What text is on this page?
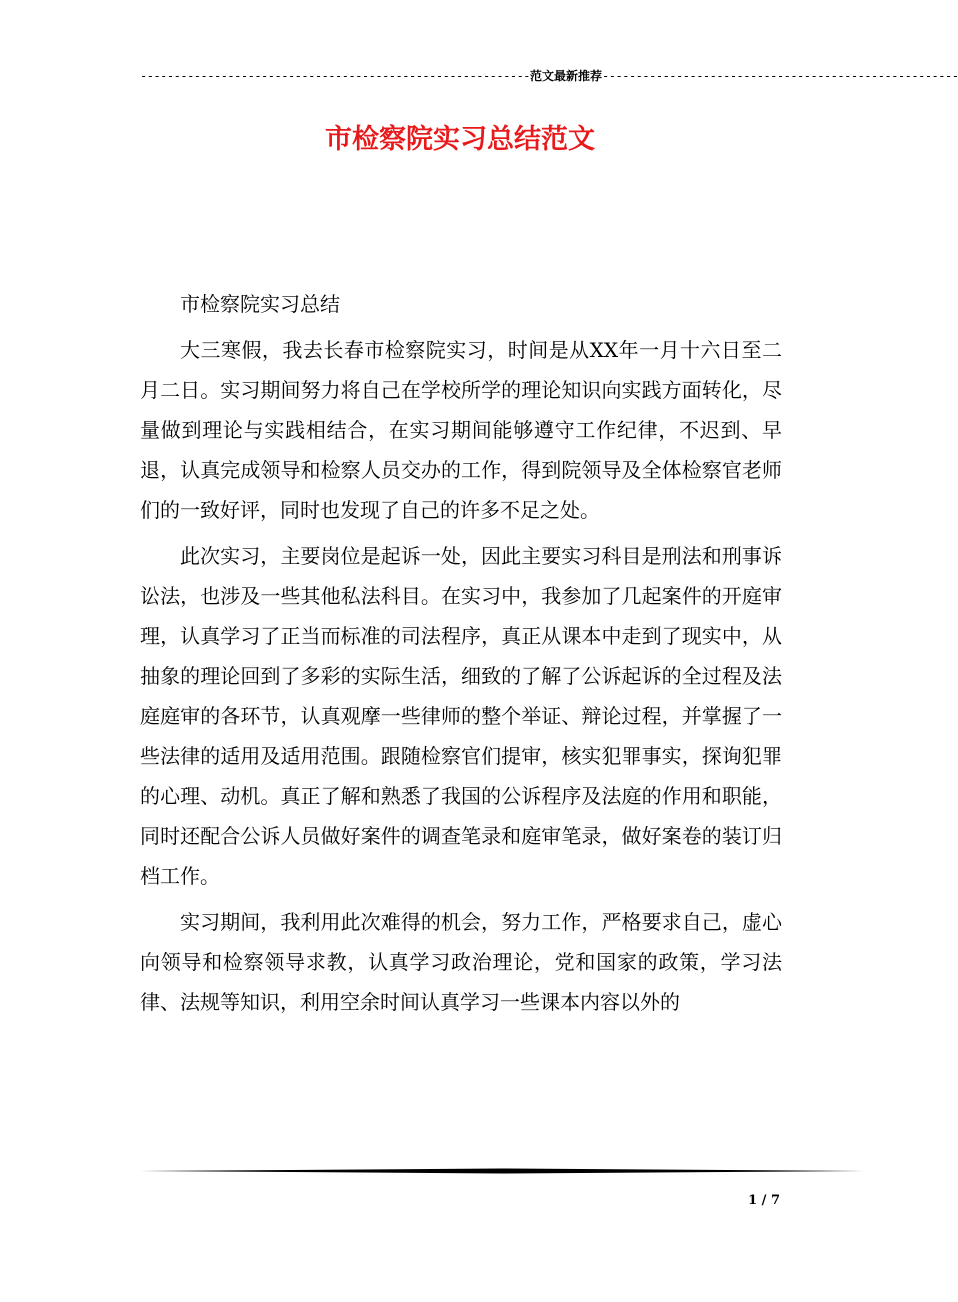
----------------------------------------------------------范文最新推荐-----------------------------------------------------
市检察院实习总结范文

市检察院实习总结

大三寒假，我去长春市检察院实习，时间是从XX年一月十六日至二月二日。实习期间努力将自己在学校所学的理论知识向实践方面转化，尽量做到理论与实践相结合，在实习期间能够遵守工作纪律，不迟到、早退，认真完成领导和检察人员交办的工作，得到院领导及全体检察官老师们的一致好评，同时也发现了自己的许多不足之处。

此次实习，主要岗位是起诉一处，因此主要实习科目是刑法和刑事诉讼法，也涉及一些其他私法科目。在实习中，我参加了几起案件的开庭审理，认真学习了正当而标准的司法程序，真正从课本中走到了现实中，从抽象的理论回到了多彩的实际生活，细致的了解了公诉起诉的全过程及法庭庭审的各环节，认真观摩一些律师的整个举证、辩论过程，并掌握了一些法律的适用及适用范围。跟随检察官们提审，核实犯罪事实，探询犯罪的心理、动机。真正了解和熟悉了我国的公诉程序及法庭的作用和职能，同时还配合公诉人员做好案件的调查笔录和庭审笔录，做好案卷的装订归档工作。

实习期间，我利用此次难得的机会，努力工作，严格要求自己，虚心向领导和检察领导求教，认真学习政治理论，党和国家的政策，学习法律、法规等知识，利用空余时间认真学习一些课本内容以外的

1 / 7
